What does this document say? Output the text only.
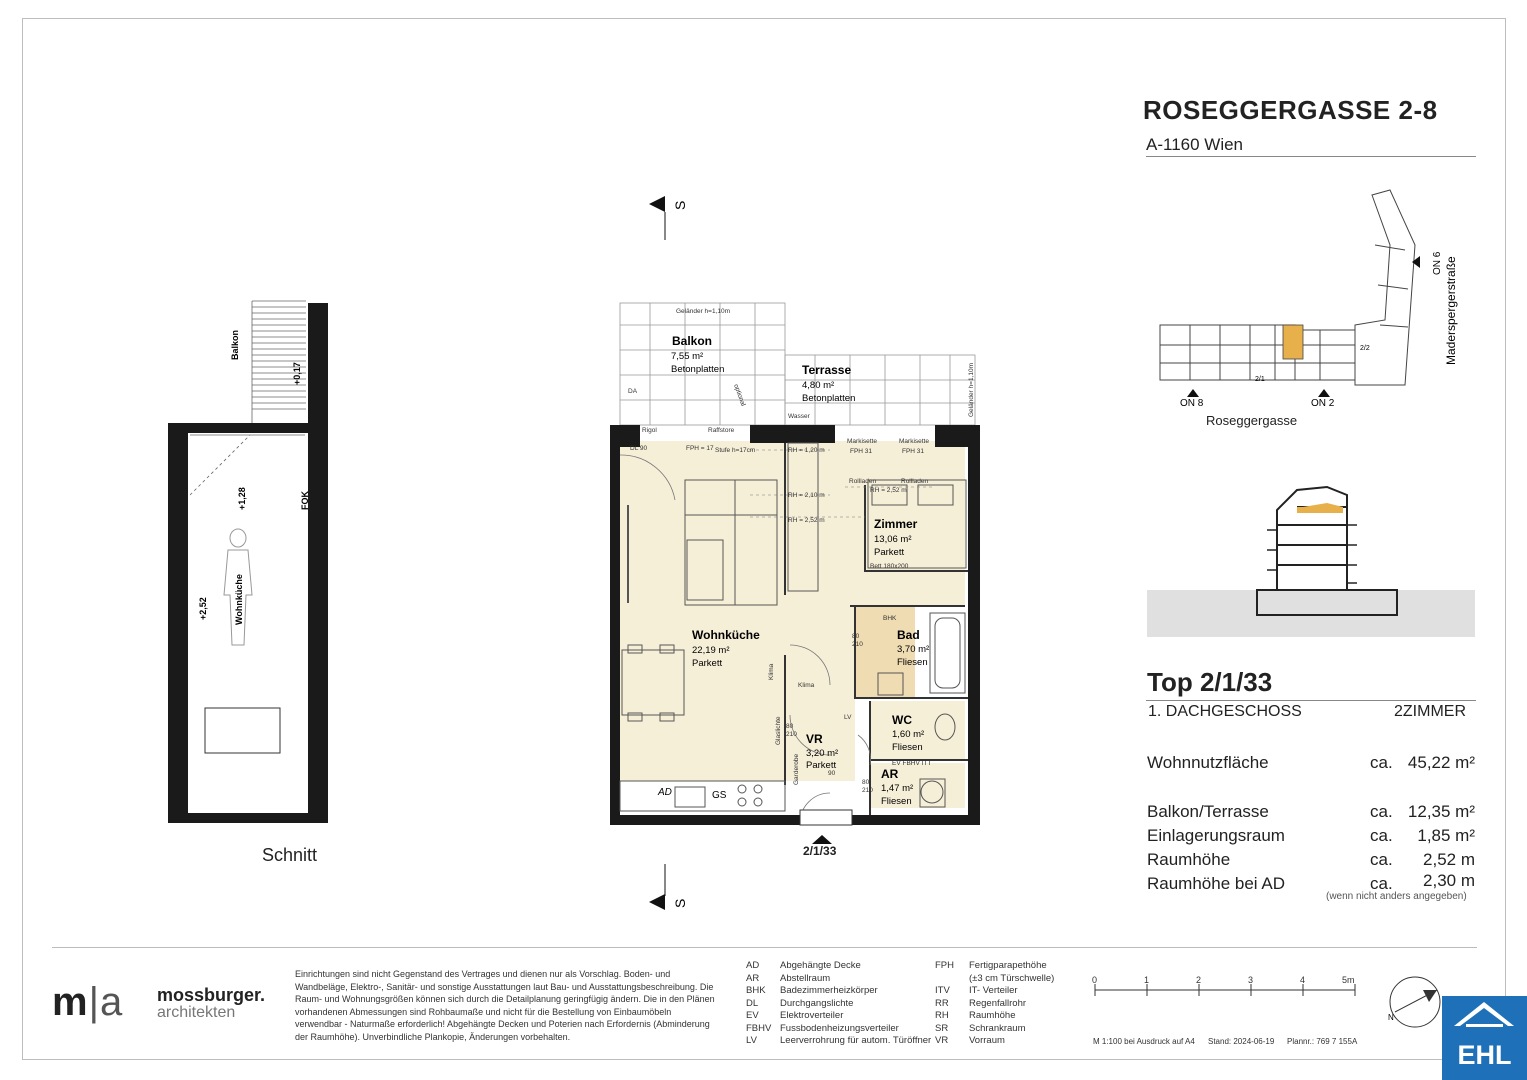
ROSEGGERGASSE 2-8
A-1160 Wien
ON 8	ON 2
ON 6 Maderspergerstraße
2/1
2/2
Roseggergasse
Top 2/1/33
1. DACHGESCHOSS	2ZIMMER
Wohnnutzfläche	ca. 45,22 m²
Balkon/Terrasse	ca. 12,35 m²
Einlagerungsraum	ca. 1,85 m²
Raumhöhe	ca. 2,52 m
Raumhöhe bei AD	ca. 2,30 m
(wenn nicht anders angegeben)
Balkon
+0,17
+1,28	FOK
+2,52	Wohnküche
Schnitt
S
S
Balkon
7,55 m²
Betonplatten	Terrasse
4,80 m²
Betonplatten
Zimmer
13,06 m²
Parkett
Wohnküche
22,19 m²
Parkett
Bad
3,70 m²
Fliesen
WC
1,60 m²
Fliesen
VR
3,20 m²
Parkett
AR
1,47 m²
Fliesen
Geländer h=1,10m
Geländer h=1,10m
DL 90	FPH = 17 Stufe h=17cm
Rigol	Raffstore
Wasser
RH = 1,20 m
RH = 2,10 m
RH = 2,52 m
RH = 2,52 m
Markisette	Markisette
FPH 31	FPH 31
Rollladen	Rollladen
Bett 180x200
BHK
Klima
Klima
LV
Glaslichte
Garderobe	EV FBHV ITT
DA	optional
80
210
80
210
80
210
90
AD	GS
2/1/33
m|a mossburger.
architekten
Einrichtungen sind nicht Gegenstand des Vertrages und dienen nur als Vorschlag. Boden- und Wandbeläge, Elektro-, Sanitär- und sonstige Ausstattungen laut Bau- und Ausstattungsbeschreibung. Die Raum- und Wohnungsgrößen können sich durch die Detailplanung geringfügig ändern. Die in den Plänen vorhandenen Abmessungen sind Rohbaumaße und nicht für die Bestellung von Einbaumöbeln verwendbar - Naturmaße erforderlich! Abgehängte Decken und Poterien nach Erfordernis (Abminderung der Raumhöhe). Unverbindliche Plankopie, Änderungen vorbehalten.
AD	Abgehängte Decke
AR	Abstellraum
BHK	Badezimmerheizkörper
DL	Durchgangslichte
EV	Elektroverteiler
FBHV Fussbodenheizungsverteiler
LV	Leerverrohrung für autom. Türöffner
FPH	Fertigparapethöhe
(±3 cm Türschwelle)
ITV	IT- Verteiler
RR	Regenfallrohr
RH	Raumhöhe
SR	Schrankraum
VR	Vorraum
0	1	2	3	4	5m
M 1:100 bei Ausdruck auf A4 Stand: 2024-06-19 Plannr.: 769 7 155A
N
EHL
